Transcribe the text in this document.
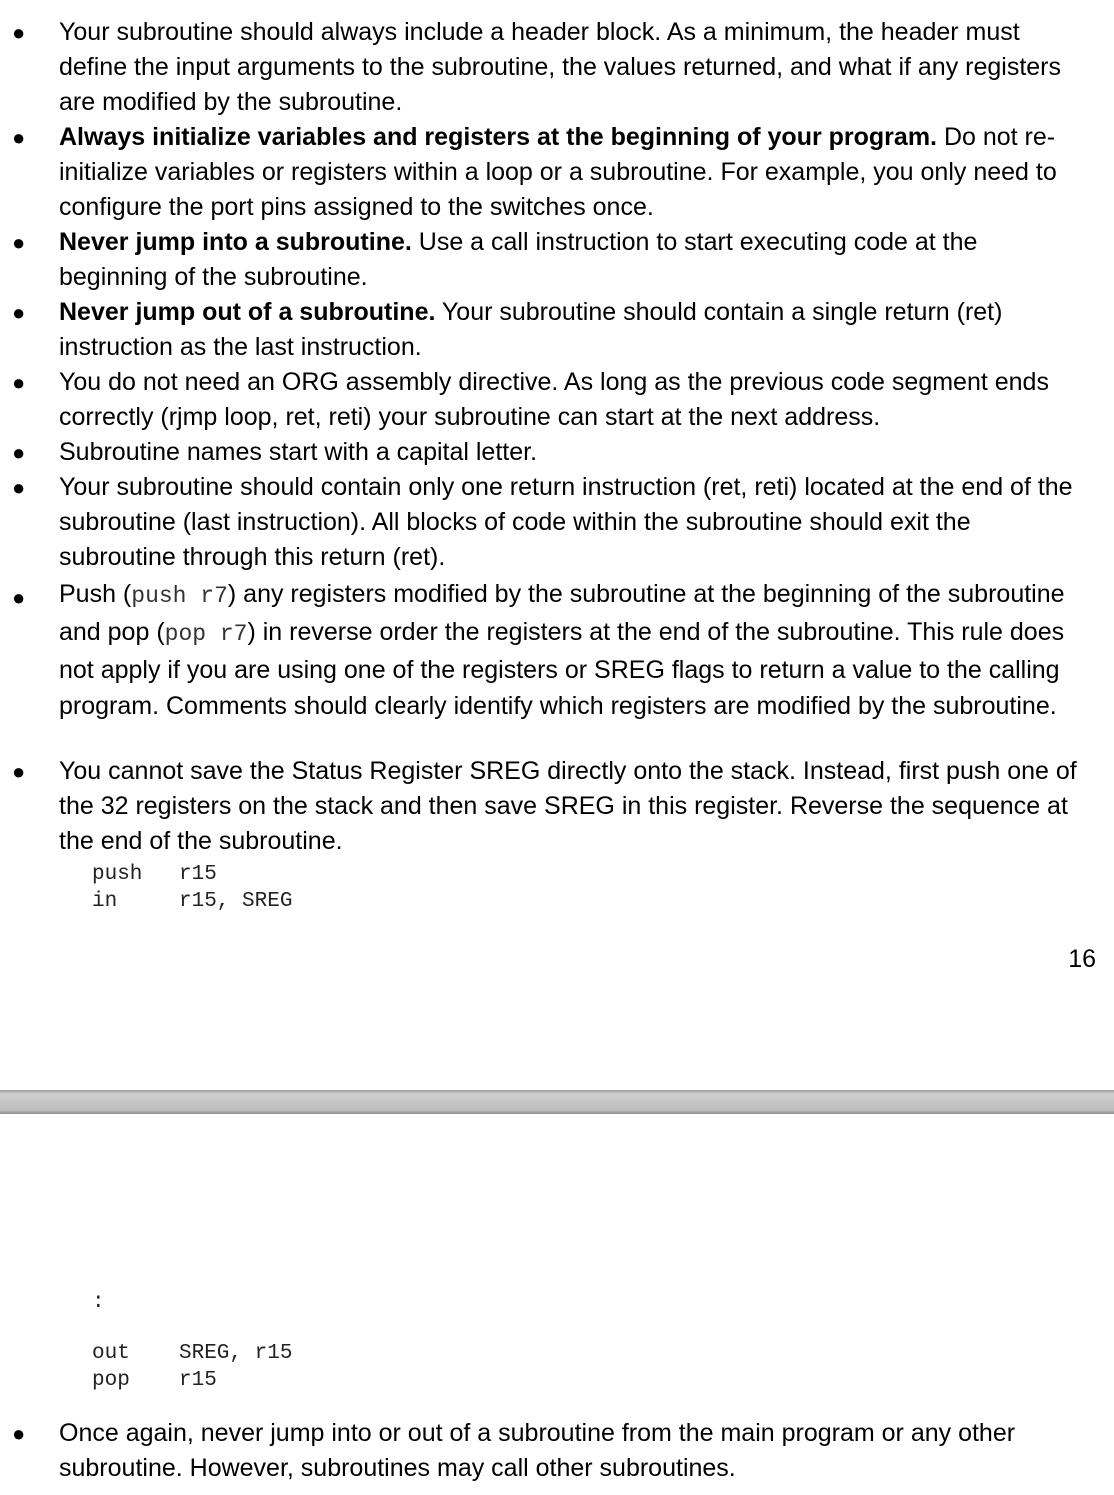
● Your subroutine should always include a header block. As a minimum, the header must define the input arguments to the subroutine, the values returned, and what if any registers are modified by the subroutine.
● Always initialize variables and registers at the beginning of your program. Do not re-initialize variables or registers within a loop or a subroutine. For example, you only need to configure the port pins assigned to the switches once.
● Never jump into a subroutine. Use a call instruction to start executing code at the beginning of the subroutine.
● Never jump out of a subroutine. Your subroutine should contain a single return (ret) instruction as the last instruction.
● You do not need an ORG assembly directive. As long as the previous code segment ends correctly (rjmp loop, ret, reti) your subroutine can start at the next address.
● Subroutine names start with a capital letter.
● Your subroutine should contain only one return instruction (ret, reti) located at the end of the subroutine (last instruction). All blocks of code within the subroutine should exit the subroutine through this return (ret).
● Push (push r7) any registers modified by the subroutine at the beginning of the subroutine and pop (pop r7) in reverse order the registers at the end of the subroutine. This rule does not apply if you are using one of the registers or SREG flags to return a value to the calling program. Comments should clearly identify which registers are modified by the subroutine.
● You cannot save the Status Register SREG directly onto the stack. Instead, first push one of the 32 registers on the stack and then save SREG in this register. Reverse the sequence at the end of the subroutine.
push r15
in	r15, SREG
16
:
out SREG, r15
pop r15
● Once again, never jump into or out of a subroutine from the main program or any other subroutine. However, subroutines may call other subroutines.
